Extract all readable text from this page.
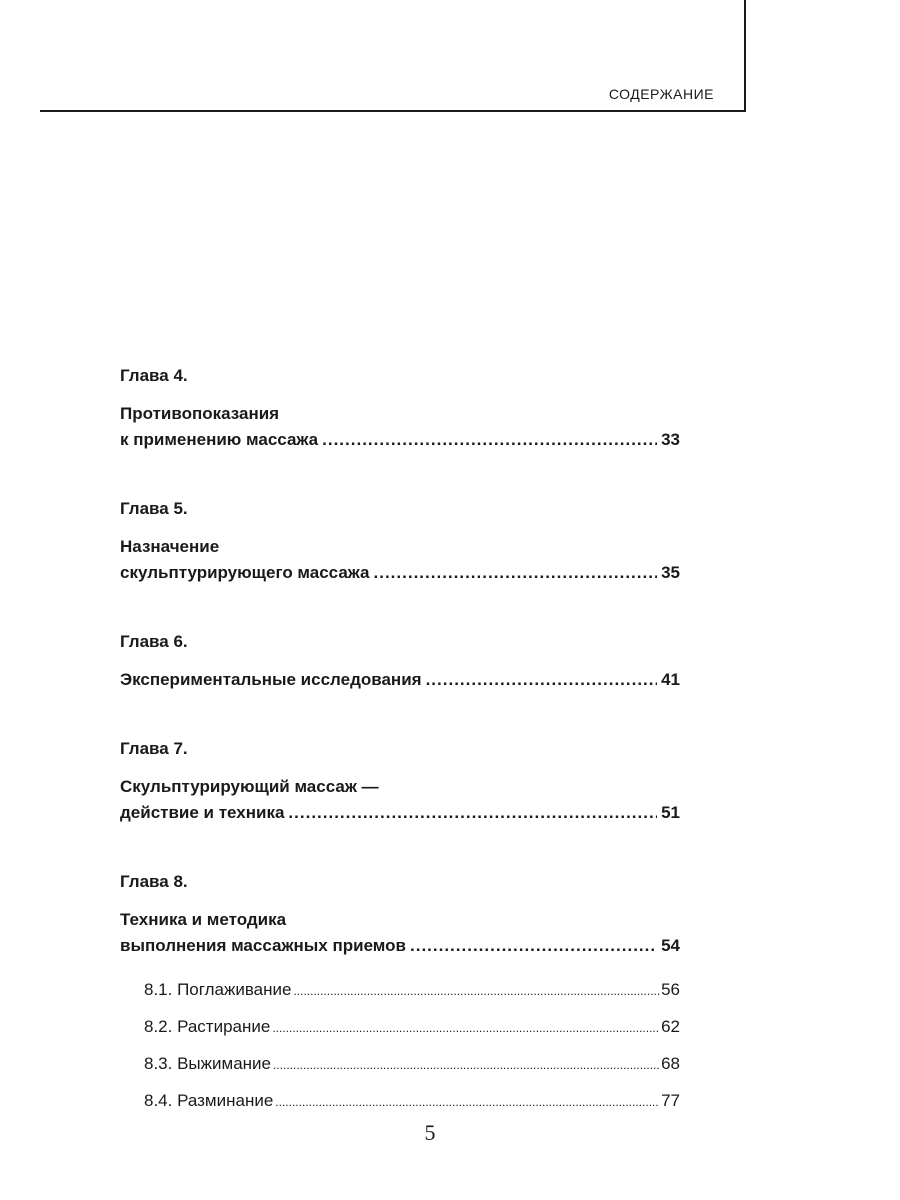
СОДЕРЖАНИЕ
Глава 4.
Противопоказания
к применению массажа .....	33
Глава 5.
Назначение
скульптурирующего массажа .....	35
Глава 6.
Экспериментальные исследования .....	41
Глава 7.
Скульптурирующий массаж —
действие и техника .....	51
Глава 8.
Техника и методика
выполнения массажных приемов .....	54
8.1. Поглаживание .....	56
8.2. Растирание .....	62
8.3. Выжимание .....	68
8.4. Разминание .....	77
5
